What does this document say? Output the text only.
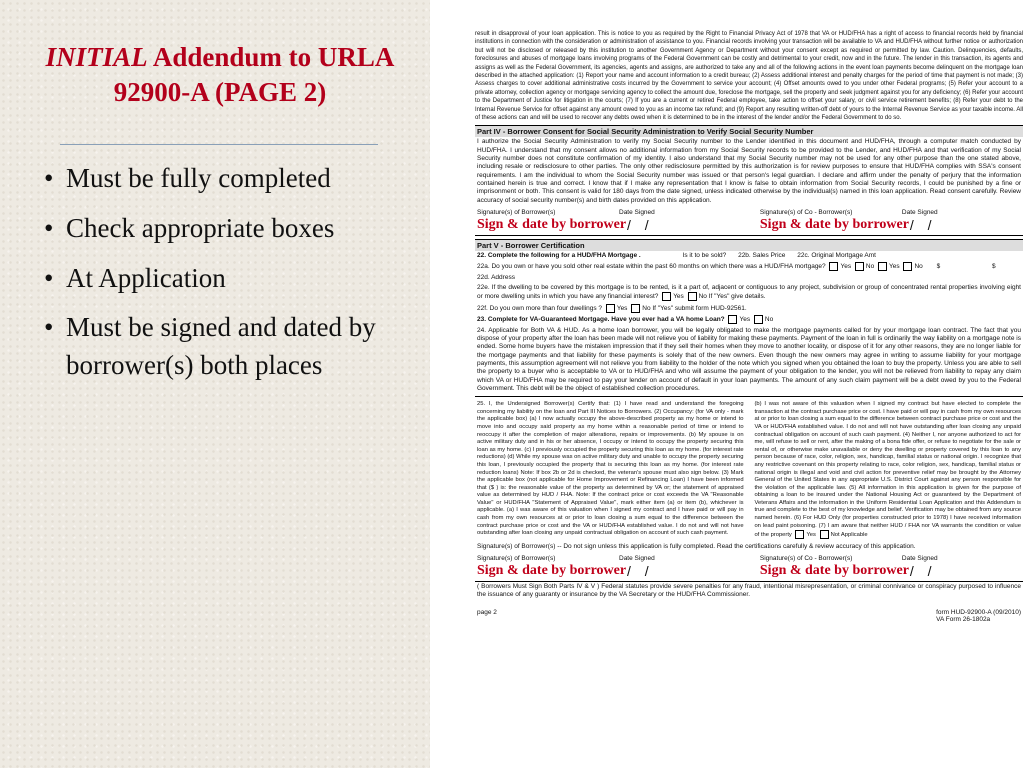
INITIAL Addendum to URLA 92900-A (PAGE 2)
• Must be fully completed
• Check appropriate boxes
• At Application
• Must be signed and dated by borrower(s) both places
result in disapproval of your loan application. This is notice to you as required by the Right to Financial Privacy Act of 1978 that VA or HUD/FHA has a right of access to financial records held by financial institutions in connection with the consideration or administration of assistance to you. Financial records involving your transaction will be available to VA and HUD/FHA without further notice or authorization but will not be disclosed or released by this institution to another Government Agency or Department without your consent except as required or permitted by law. Caution. Delinquencies, defaults, foreclosures and abuses of mortgage loans involving programs of the Federal Government can be costly and detrimental to your credit, now and in the future. The lender in this transaction, its agents and assigns as well as the Federal Government, its agencies, agents and assigns, are authorized to take any and all of the following actions in the event loan payments become delinquent on the mortgage loan described in the attached application: (1) Report your name and account information to a credit bureau; (2) Assess additional interest and penalty charges for the period of time that payment is not made; (3) Assess charges to cover additional administrative costs incurred by the Government to service your account; (4) Offset amounts owed to you under other Federal programs; (5) Refer your account to a private attorney, collection agency or mortgage servicing agency to collect the amount due, foreclose the mortgage, sell the property and seek judgment against you for any deficiency; (6) Refer your account to the Department of Justice for litigation in the courts; (7) If you are a current or retired Federal employee, take action to offset your salary, or civil service retirement benefits; (8) Refer your debt to the Internal Revenue Service for offset against any amount owed to you as an income tax refund; and (9) Report any resulting written-off debt of yours to the Internal Revenue Service as your taxable income. All of these actions can and will be used to recover any debts owed when it is determined to be in the interest of the lender and/or the Federal Government to do so.
Part IV - Borrower Consent for Social Security Administration to Verify Social Security Number
I authorize the Social Security Administration to verify my Social Security number to the Lender identified in this document and HUD/FHA, through a computer match conducted by HUD/FHA. I understand that my consent allows no additional information from my Social Security records to be provided to the Lender, and HUD/FHA and that verification of my Social Security number does not constitute confirmation of my identity. I also understand that my Social Security number may not be used for any other purpose than the one stated above, including resale or redisclosure to other parties. The only other redisclosure permitted by this authorization is for review purposes to ensure that HUD/FHA complies with SSA's consent requirements. I am the individual to whom the Social Security number was issued or that person's legal guardian. I declare and affirm under the penalty of perjury that the information contained herein is true and correct. I know that if I make any representation that I know is false to obtain information from Social Security records, I could be punished by a fine or imprisonment or both. This consent is valid for 180 days from the date signed, unless indicated otherwise by the individual(s) named in this loan application. Read consent carefully. Review accuracy of social security number(s) and birth dates provided on this application.
Signature(s) of Borrower(s)	Date Signed
Sign & date by borrower / /
Signature(s) of Co - Borrower(s)	Date Signed
Sign & date by borrower / /
Part V - Borrower Certification
22. Complete the following for a HUD/FHA Mortgage .	Is it to be sold? 22b. Sales Price 22c. Original Mortgage Amt
22a. Do you own or have you sold other real estate within the past 60 months on which there was a HUD/FHA mortgage? Yes No Yes No $	$
22d. Address
22e. If the dwelling to be covered by this mortgage is to be rented, is it a part of, adjacent or contiguous to any project, subdivision or group of concentrated rental properties involving eight or more dwelling units in which you have any financial interest? Yes No If "Yes" give details.
22f. Do you own more than four dwellings ? Yes No If "Yes" submit form HUD-92561.
23. Complete for VA-Guaranteed Mortgage. Have you ever had a VA home Loan? Yes No
24. Applicable for Both VA & HUD. As a home loan borrower, you will be legally obligated to make the mortgage payments called for by your mortgage loan contract. The fact that you dispose of your property after the loan has been made will not relieve you of liability for making these payments. Payment of the loan in full is ordinarily the way liability on a mortgage note is ended. Some home buyers have the mistaken impression that if they sell their homes when they move to another locality, or dispose of it for any other reasons, they are no longer liable for the mortgage payments and that liability for these payments is solely that of the new owners. Even though the new owners may agree in writing to assume liability for your mortgage payments, this assumption agreement will not relieve you from liability to the holder of the note which you signed when you obtained the loan to buy the property. Unless you are able to sell the property to a buyer who is acceptable to VA or to HUD/FHA and who will assume the payment of your obligation to the lender, you will not be relieved from liability to repay any claim which VA or HUD/FHA may be required to pay your lender on account of default in your loan payments. The amount of any such claim payment will be a debt owed by you to the Federal Government. This debt will be the object of established collection procedures.
25. I, the Undersigned Borrower(s) Certify that: (1) I have read and understand the foregoing concerning my liability on the loan and Part III Notices to Borrowers. (2) Occupancy: (for VA only - mark the applicable box) (a) I now actually occupy the above-described property as my home or intend to move into and occupy said property as my home within a reasonable period of time or intend to reoccupy it after the completion of major alterations, repairs or improvements. (b) My spouse is on active military duty and in his or her absence, I occupy or intend to occupy the property securing this loan as my home. (c) I previously occupied the property securing this loan as my home. (for interest rate reductions) (d) While my spouse was on active military duty and unable to occupy the property securing this loan, I previously occupied the property that is securing this loan as my home. (for interest rate reduction loans) Note: If box 2b or 2d is checked, the veteran's spouse must also sign below. (3) Mark the applicable box (not applicable for Home Improvement or Refinancing Loan) I have been informed that ($ ) is: the reasonable value of the property as determined by VA or; the statement of appraised value as determined by HUD / FHA. Note: If the contract price or cost exceeds the VA "Reasonable Value" or HUD/FHA "Statement of Appraised Value", mark either item (a) or item (b), whichever is applicable. (a) I was aware of this valuation when I signed my contract and I have paid or will pay in cash from my own resources at or prior to loan closing a sum equal to the difference between the contract purchase price or cost and the VA or HUD/FHA established value. I do not and will not have outstanding after loan closing any unpaid contractual obligation on account of such cash payment.
(b) I was not aware of this valuation when I signed my contract but have elected to complete the transaction at the contract purchase price or cost. I have paid or will pay in cash from my own resources at or prior to loan closing a sum equal to the difference between contract purchase price or cost and the VA or HUD/FHA established value. I do not and will not have outstanding after loan closing any unpaid contractual obligation on account of such cash payment. (4) Neither I, nor anyone authorized to act for me, will refuse to sell or rent, after the making of a bona fide offer, or refuse to negotiate for the sale or rental of, or otherwise make unavailable or deny the dwelling or property covered by this loan to any person because of race, color, religion, sex, handicap, familial status or national origin. I recognize that any restrictive covenant on this property relating to race, color religion, sex, handicap, familial status or national origin is illegal and void and civil action for preventive relief may be brought by the Attorney General of the United States in any appropriate U.S. District Court against any person responsible for the violation of the applicable law. (5) All information in this application is given for the purpose of obtaining a loan to be insured under the National Housing Act or guaranteed by the Department of Veterans Affairs and the information in the Uniform Residential Loan Application and this Addendum is true and complete to the best of my knowledge and belief. Verification may be obtained from any source named herein. (6) For HUD Only (for properties constructed prior to 1978) I have received information on lead paint poisoning. (7) I am aware that neither HUD / FHA nor VA warrants the condition or value of the property	Yes	Not Applicable
Signature(s) of Borrower(s) -- Do not sign unless this application is fully completed. Read the certifications carefully & review accuracy of this application.
Signature(s) of Borrower(s)	Date Signed
Sign & date by borrower / /
Signature(s) of Co - Borrower(s)	Date Signed
Sign & date by borrower / /
( Borrowers Must Sign Both Parts IV & V ) Federal statutes provide severe penalties for any fraud, intentional misrepresentation, or criminal connivance or conspiracy purposed to influence the issuance of any guaranty or insurance by the VA Secretary or the HUD/FHA Commissioner.
page 2	form HUD-92900-A (09/2010)
VA Form 26-1802a
